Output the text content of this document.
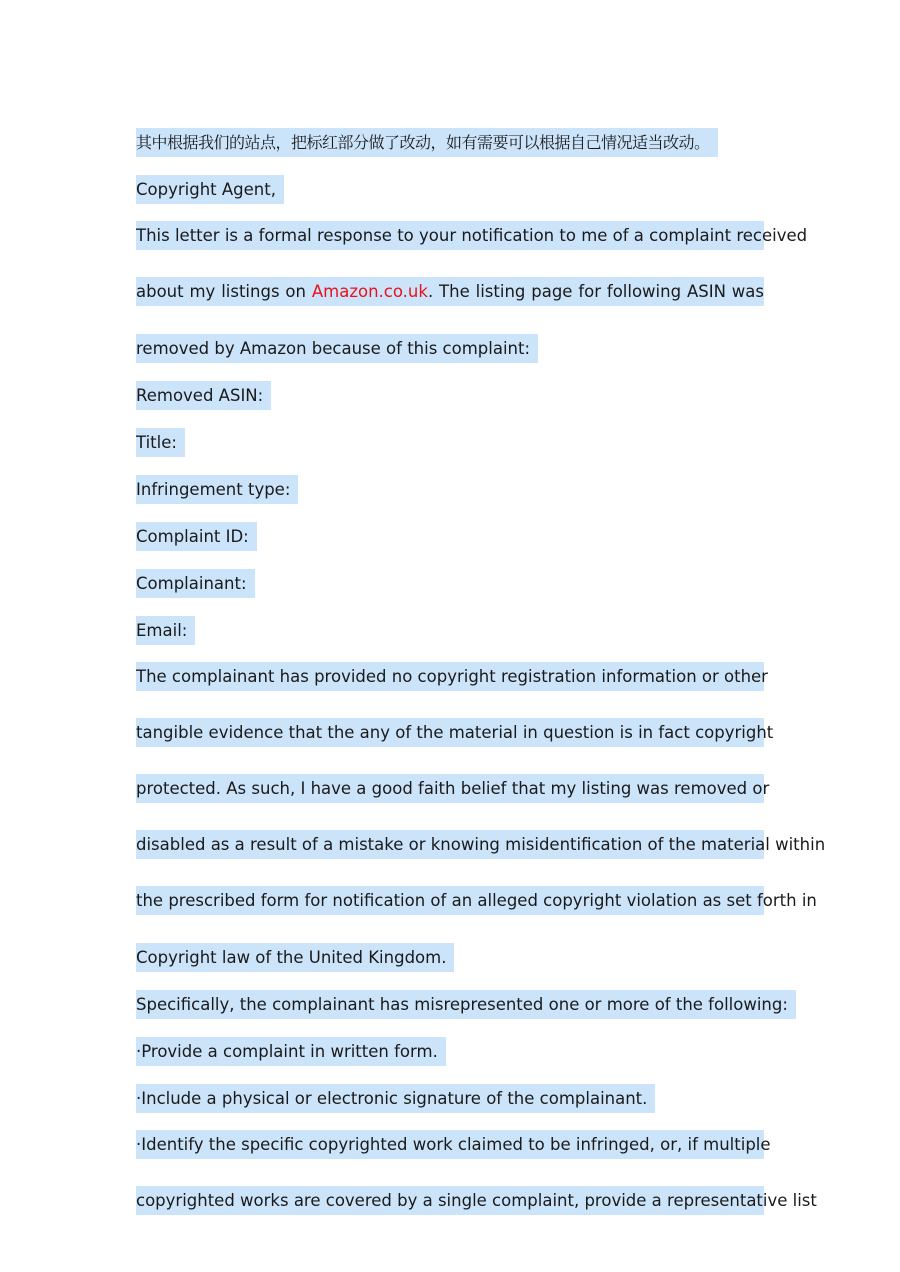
其中根据我们的站点，把标红部分做了改动，如有需要可以根据自己情况适当改动。
Copyright Agent,
This letter is a formal response to your notification to me of a complaint received
about my listings on Amazon.co.uk. The listing page for following ASIN was
removed by Amazon because of this complaint:
Removed ASIN:
Title:
Infringement type:
Complaint ID:
Complainant:
Email:
The complainant has provided no copyright registration information or other
tangible evidence that the any of the material in question is in fact copyright
protected. As such, I have a good faith belief that my listing was removed or
disabled as a result of a mistake or knowing misidentification of the material within
the prescribed form for notification of an alleged copyright violation as set forth in
Copyright law of the United Kingdom.
Specifically, the complainant has misrepresented one or more of the following:
·Provide a complaint in written form.
·Include a physical or electronic signature of the complainant.
·Identify the specific copyrighted work claimed to be infringed, or, if multiple
copyrighted works are covered by a single complaint, provide a representative list
